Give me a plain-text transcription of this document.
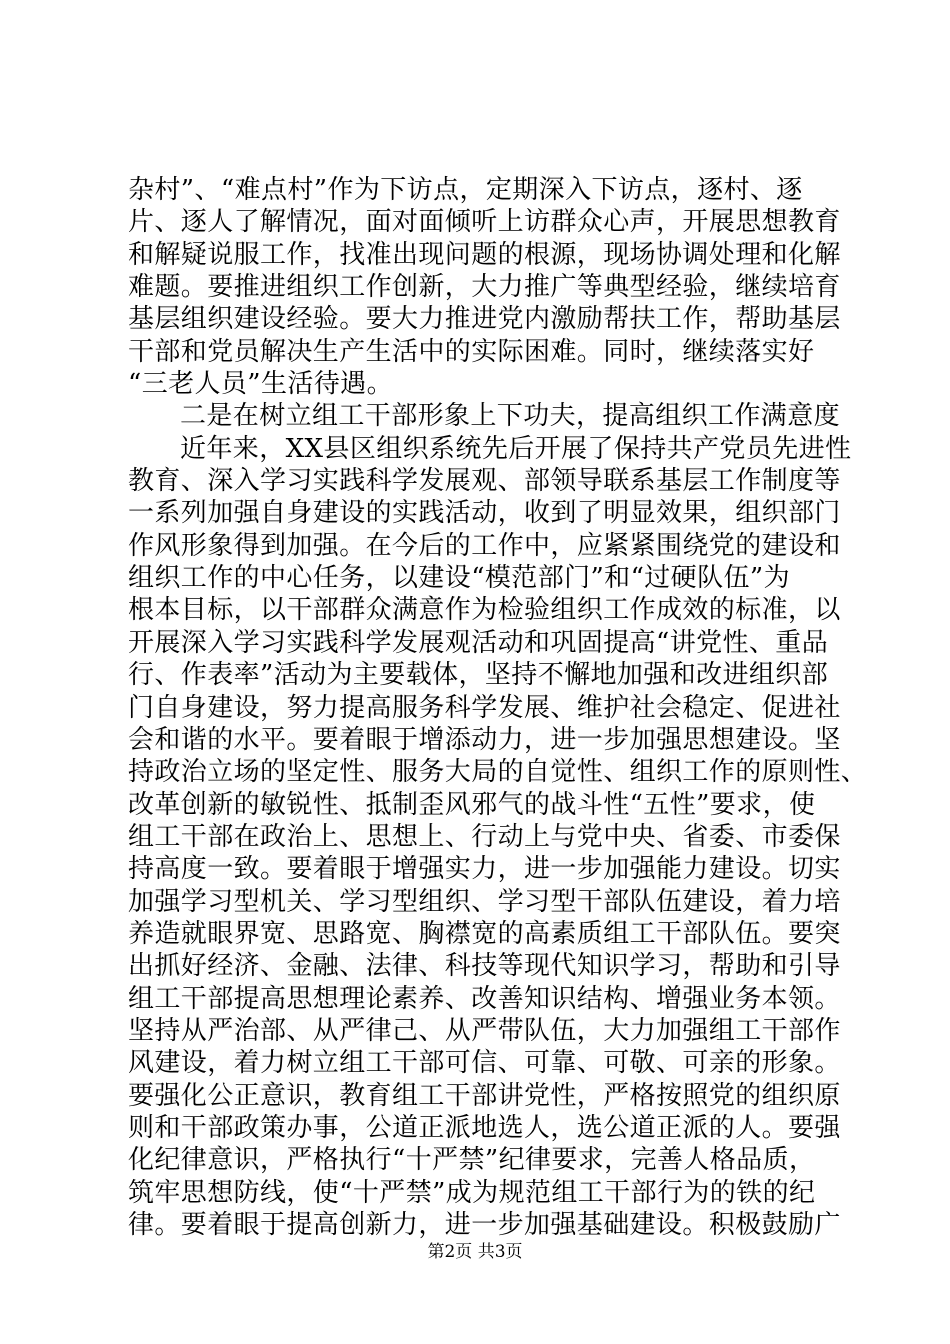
杂村”、“难点村”作为下访点，定期深入下访点，逐村、逐
片、逐人了解情况，面对面倾听上访群众心声，开展思想教育
和解疑说服工作，找准出现问题的根源，现场协调处理和化解
难题。要推进组织工作创新，大力推广等典型经验，继续培育
基层组织建设经验。要大力推进党内激励帮扶工作，帮助基层
干部和党员解决生产生活中的实际困难。同时，继续落实好
“三老人员”生活待遇。
二是在树立组工干部形象上下功夫，提高组织工作满意度
近年来，XX县区组织系统先后开展了保持共产党员先进性
教育、深入学习实践科学发展观、部领导联系基层工作制度等
一系列加强自身建设的实践活动，收到了明显效果，组织部门
作风形象得到加强。在今后的工作中，应紧紧围绕党的建设和
组织工作的中心任务，以建设“模范部门”和“过硬队伍”为
根本目标，以干部群众满意作为检验组织工作成效的标准，以
开展深入学习实践科学发展观活动和巩固提高“讲党性、重品
行、作表率”活动为主要载体，坚持不懈地加强和改进组织部
门自身建设，努力提高服务科学发展、维护社会稳定、促进社
会和谐的水平。要着眼于增添动力，进一步加强思想建设。坚
持政治立场的坚定性、服务大局的自觉性、组织工作的原则性、
改革创新的敏锐性、抵制歪风邪气的战斗性“五性”要求，使
组工干部在政治上、思想上、行动上与党中央、省委、市委保
持高度一致。要着眼于增强实力，进一步加强能力建设。切实
加强学习型机关、学习型组织、学习型干部队伍建设，着力培
养造就眼界宽、思路宽、胸襟宽的高素质组工干部队伍。要突
出抓好经济、金融、法律、科技等现代知识学习，帮助和引导
组工干部提高思想理论素养、改善知识结构、增强业务本领。
坚持从严治部、从严律己、从严带队伍，大力加强组工干部作
风建设，着力树立组工干部可信、可靠、可敬、可亲的形象。
要强化公正意识，教育组工干部讲党性，严格按照党的组织原
则和干部政策办事，公道正派地选人，选公道正派的人。要强
化纪律意识，严格执行“十严禁”纪律要求，完善人格品质，
筑牢思想防线，使“十严禁”成为规范组工干部行为的铁的纪
律。要着眼于提高创新力，进一步加强基础建设。积极鼓励广
第2页 共3页
